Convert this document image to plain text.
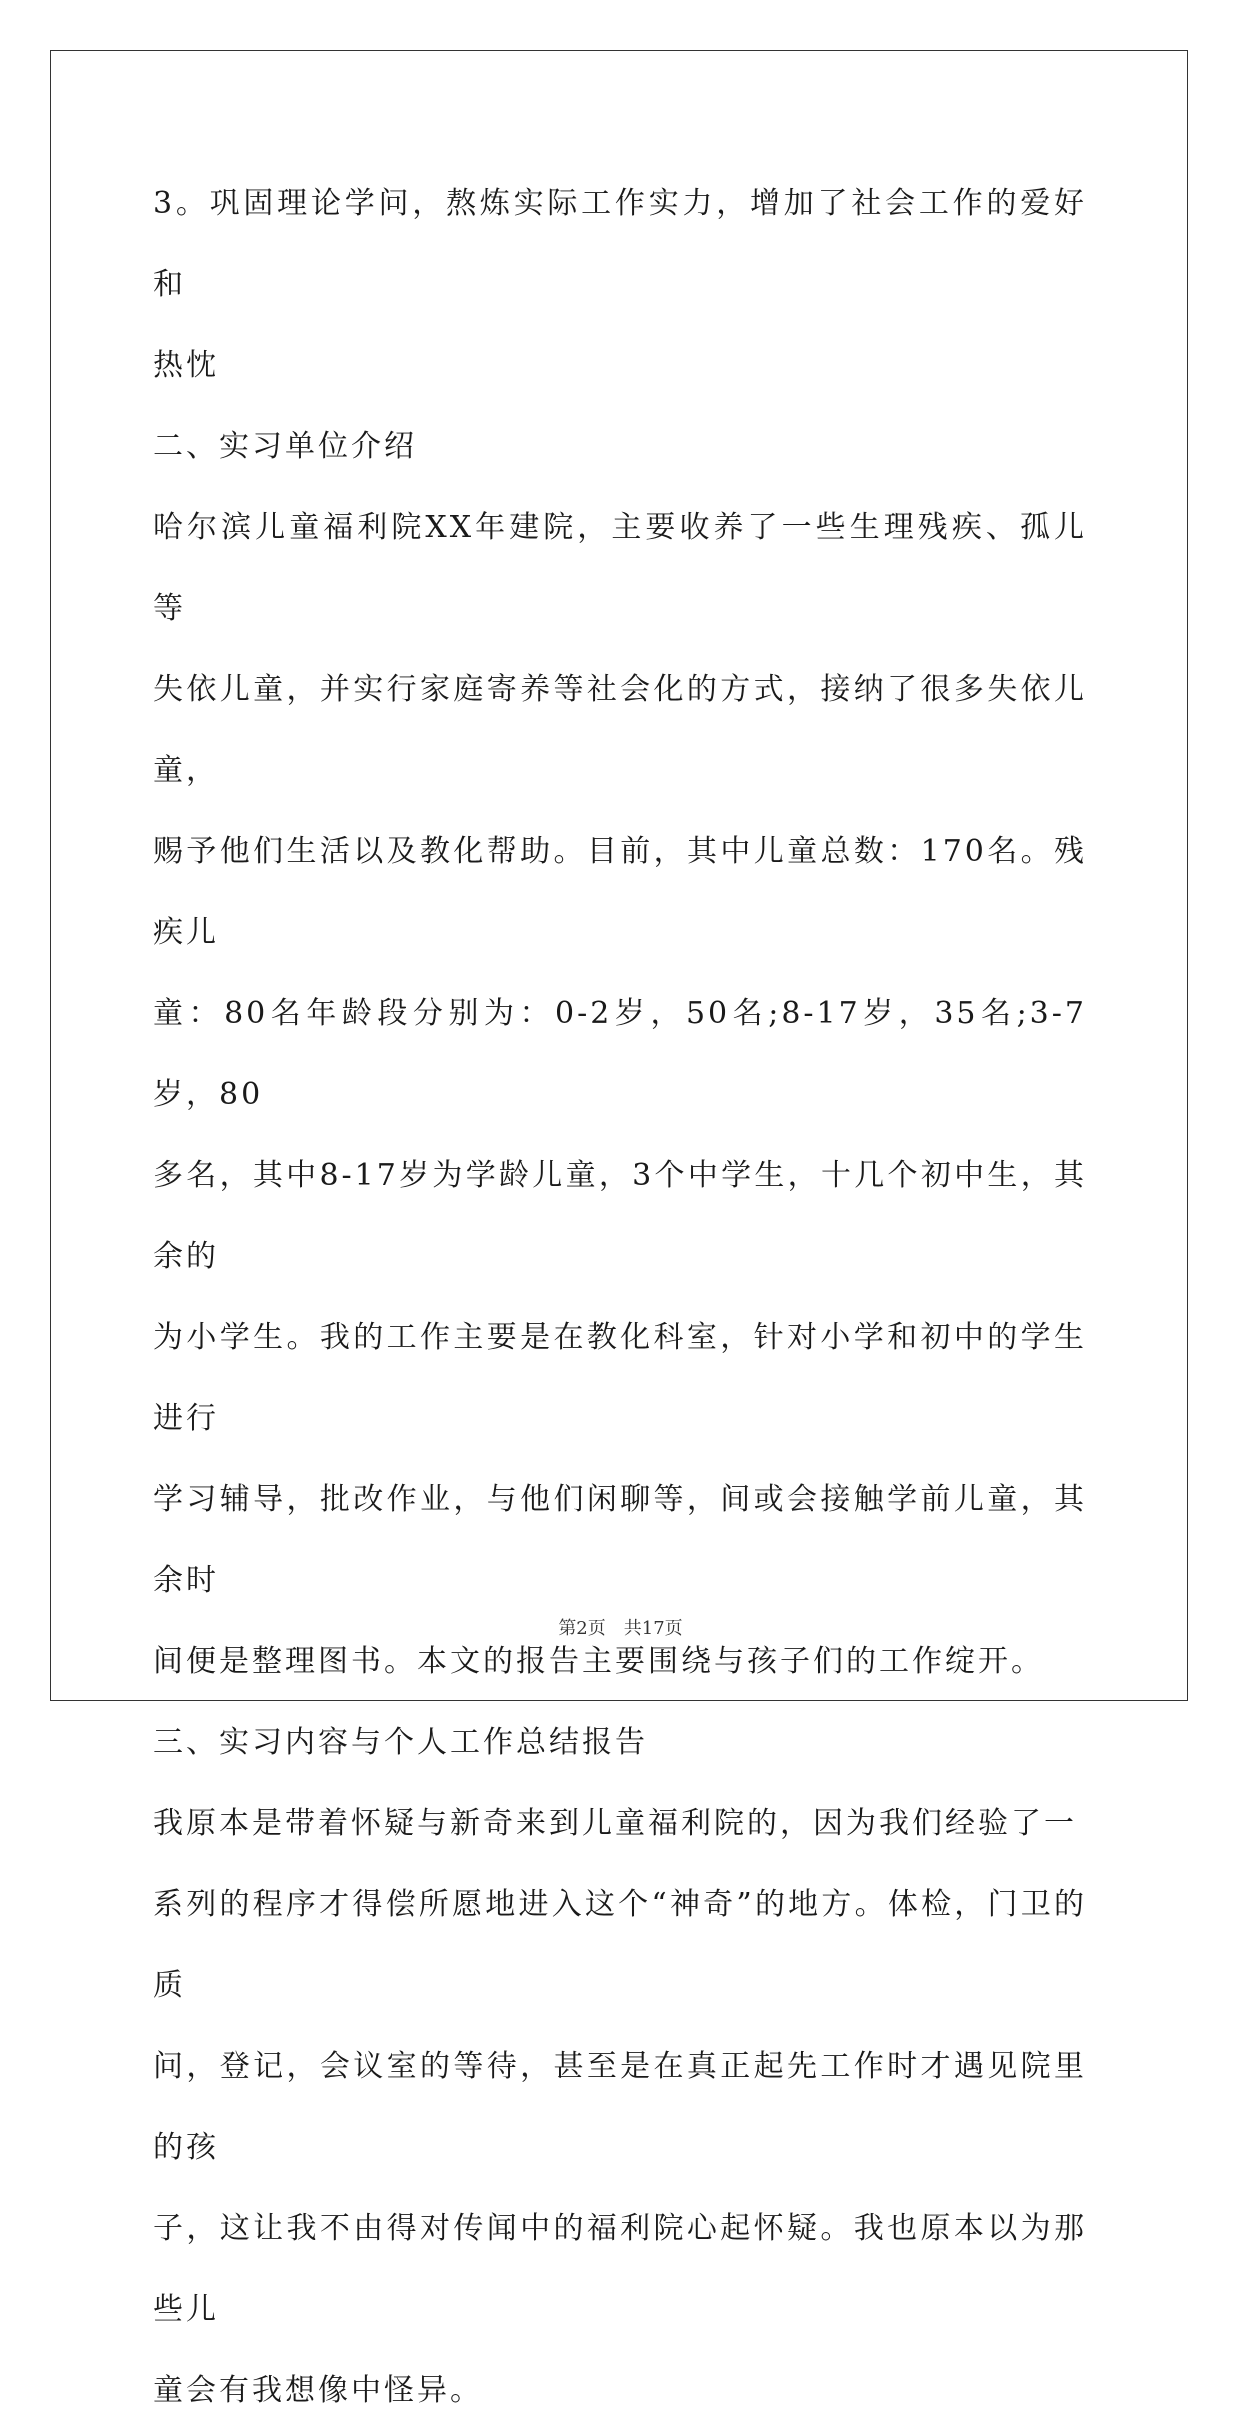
3。巩固理论学问，熬炼实际工作实力，增加了社会工作的爱好和
热忱
二、实习单位介绍
哈尔滨儿童福利院XX年建院，主要收养了一些生理残疾、孤儿等
失依儿童，并实行家庭寄养等社会化的方式，接纳了很多失依儿童，
赐予他们生活以及教化帮助。目前，其中儿童总数：170名。残疾儿
童：80名年龄段分别为：0-2岁，50名;8-17岁，35名;3-7岁，80
多名，其中8-17岁为学龄儿童，3个中学生，十几个初中生，其余的
为小学生。我的工作主要是在教化科室，针对小学和初中的学生进行
学习辅导，批改作业，与他们闲聊等，间或会接触学前儿童，其余时
间便是整理图书。本文的报告主要围绕与孩子们的工作绽开。
三、实习内容与个人工作总结报告
我原本是带着怀疑与新奇来到儿童福利院的，因为我们经验了一
系列的程序才得偿所愿地进入这个“神奇”的地方。体检，门卫的质
问，登记，会议室的等待，甚至是在真正起先工作时才遇见院里的孩
子，这让我不由得对传闻中的福利院心起怀疑。我也原本以为那些儿
童会有我想像中怪异。
第2页 共17页
